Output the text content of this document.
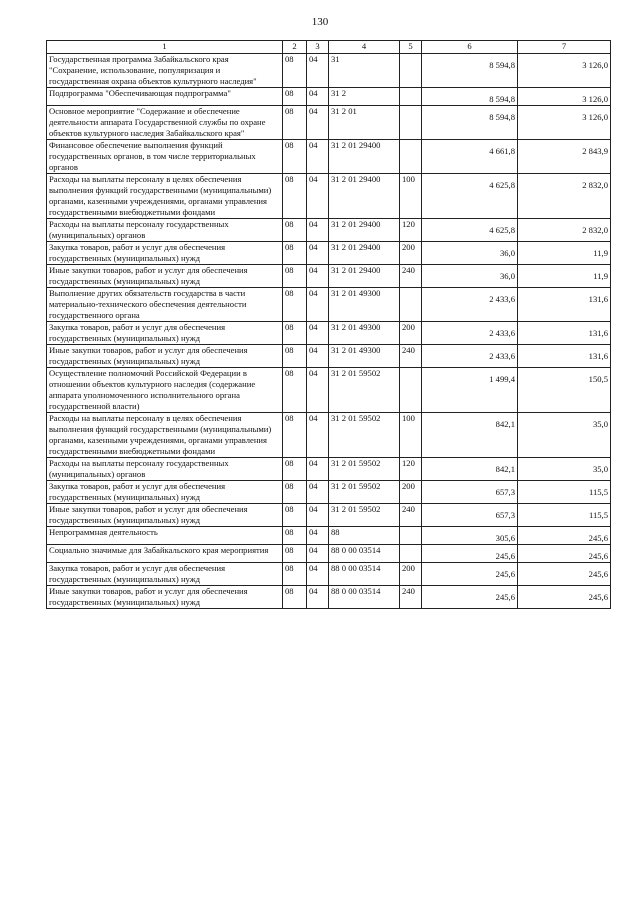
130
1	2	3	4	5	6	7
Государственная программа Забайкальского края "Сохранение, использование, популяризация и государственная охрана объектов культурного наследия"	08	04	31		8 594,8	3 126,0
Подпрограмма "Обеспечивающая подпрограмма"	08	04	31 2		8 594,8	3 126,0
Основное мероприятие "Содержание и обеспечение деятельности аппарата Государственной службы по охране объектов культурного наследия Забайкальского края"	08	04	31 2 01		8 594,8	3 126,0
Финансовое обеспечение выполнения функций государственных органов, в том числе территориальных органов	08	04	31 2 01 29400		4 661,8	2 843,9
Расходы на выплаты персоналу в целях обеспечения выполнения функций государственными (муниципальными) органами, казенными учреждениями, органами управления государственными внебюджетными фондами	08	04	31 2 01 29400	100	4 625,8	2 832,0
Расходы на выплаты персоналу государственных (муниципальных) органов	08	04	31 2 01 29400	120	4 625,8	2 832,0
Закупка товаров, работ и услуг для обеспечения государственных (муниципальных) нужд	08	04	31 2 01 29400	200	36,0	11,9
Иные закупки товаров, работ и услуг для обеспечения государственных (муниципальных) нужд	08	04	31 2 01 29400	240	36,0	11,9
Выполнение других обязательств государства в части материально-технического обеспечения деятельности государственного органа	08	04	31 2 01 49300		2 433,6	131,6
Закупка товаров, работ и услуг для обеспечения государственных (муниципальных) нужд	08	04	31 2 01 49300	200	2 433,6	131,6
Иные закупки товаров, работ и услуг для обеспечения государственных (муниципальных) нужд	08	04	31 2 01 49300	240	2 433,6	131,6
Осуществление полномочий Российской Федерации в отношении объектов культурного наследия (содержание аппарата уполномоченного исполнительного органа государственной власти)	08	04	31 2 01 59502		1 499,4	150,5
Расходы на выплаты персоналу в целях обеспечения выполнения функций государственными (муниципальными) органами, казенными учреждениями, органами управления государственными внебюджетными фондами	08	04	31 2 01 59502	100	842,1	35,0
Расходы на выплаты персоналу государственных (муниципальных) органов	08	04	31 2 01 59502	120	842,1	35,0
Закупка товаров, работ и услуг для обеспечения государственных (муниципальных) нужд	08	04	31 2 01 59502	200	657,3	115,5
Иные закупки товаров, работ и услуг для обеспечения государственных (муниципальных) нужд	08	04	31 2 01 59502	240	657,3	115,5
Непрограммная деятельность	08	04	88		305,6	245,6
Социально значимые для Забайкальского края мероприятия	08	04	88 0 00 03514		245,6	245,6
Закупка товаров, работ и услуг для обеспечения государственных (муниципальных) нужд	08	04	88 0 00 03514	200	245,6	245,6
Иные закупки товаров, работ и услуг для обеспечения государственных (муниципальных) нужд	08	04	88 0 00 03514	240	245,6	245,6
